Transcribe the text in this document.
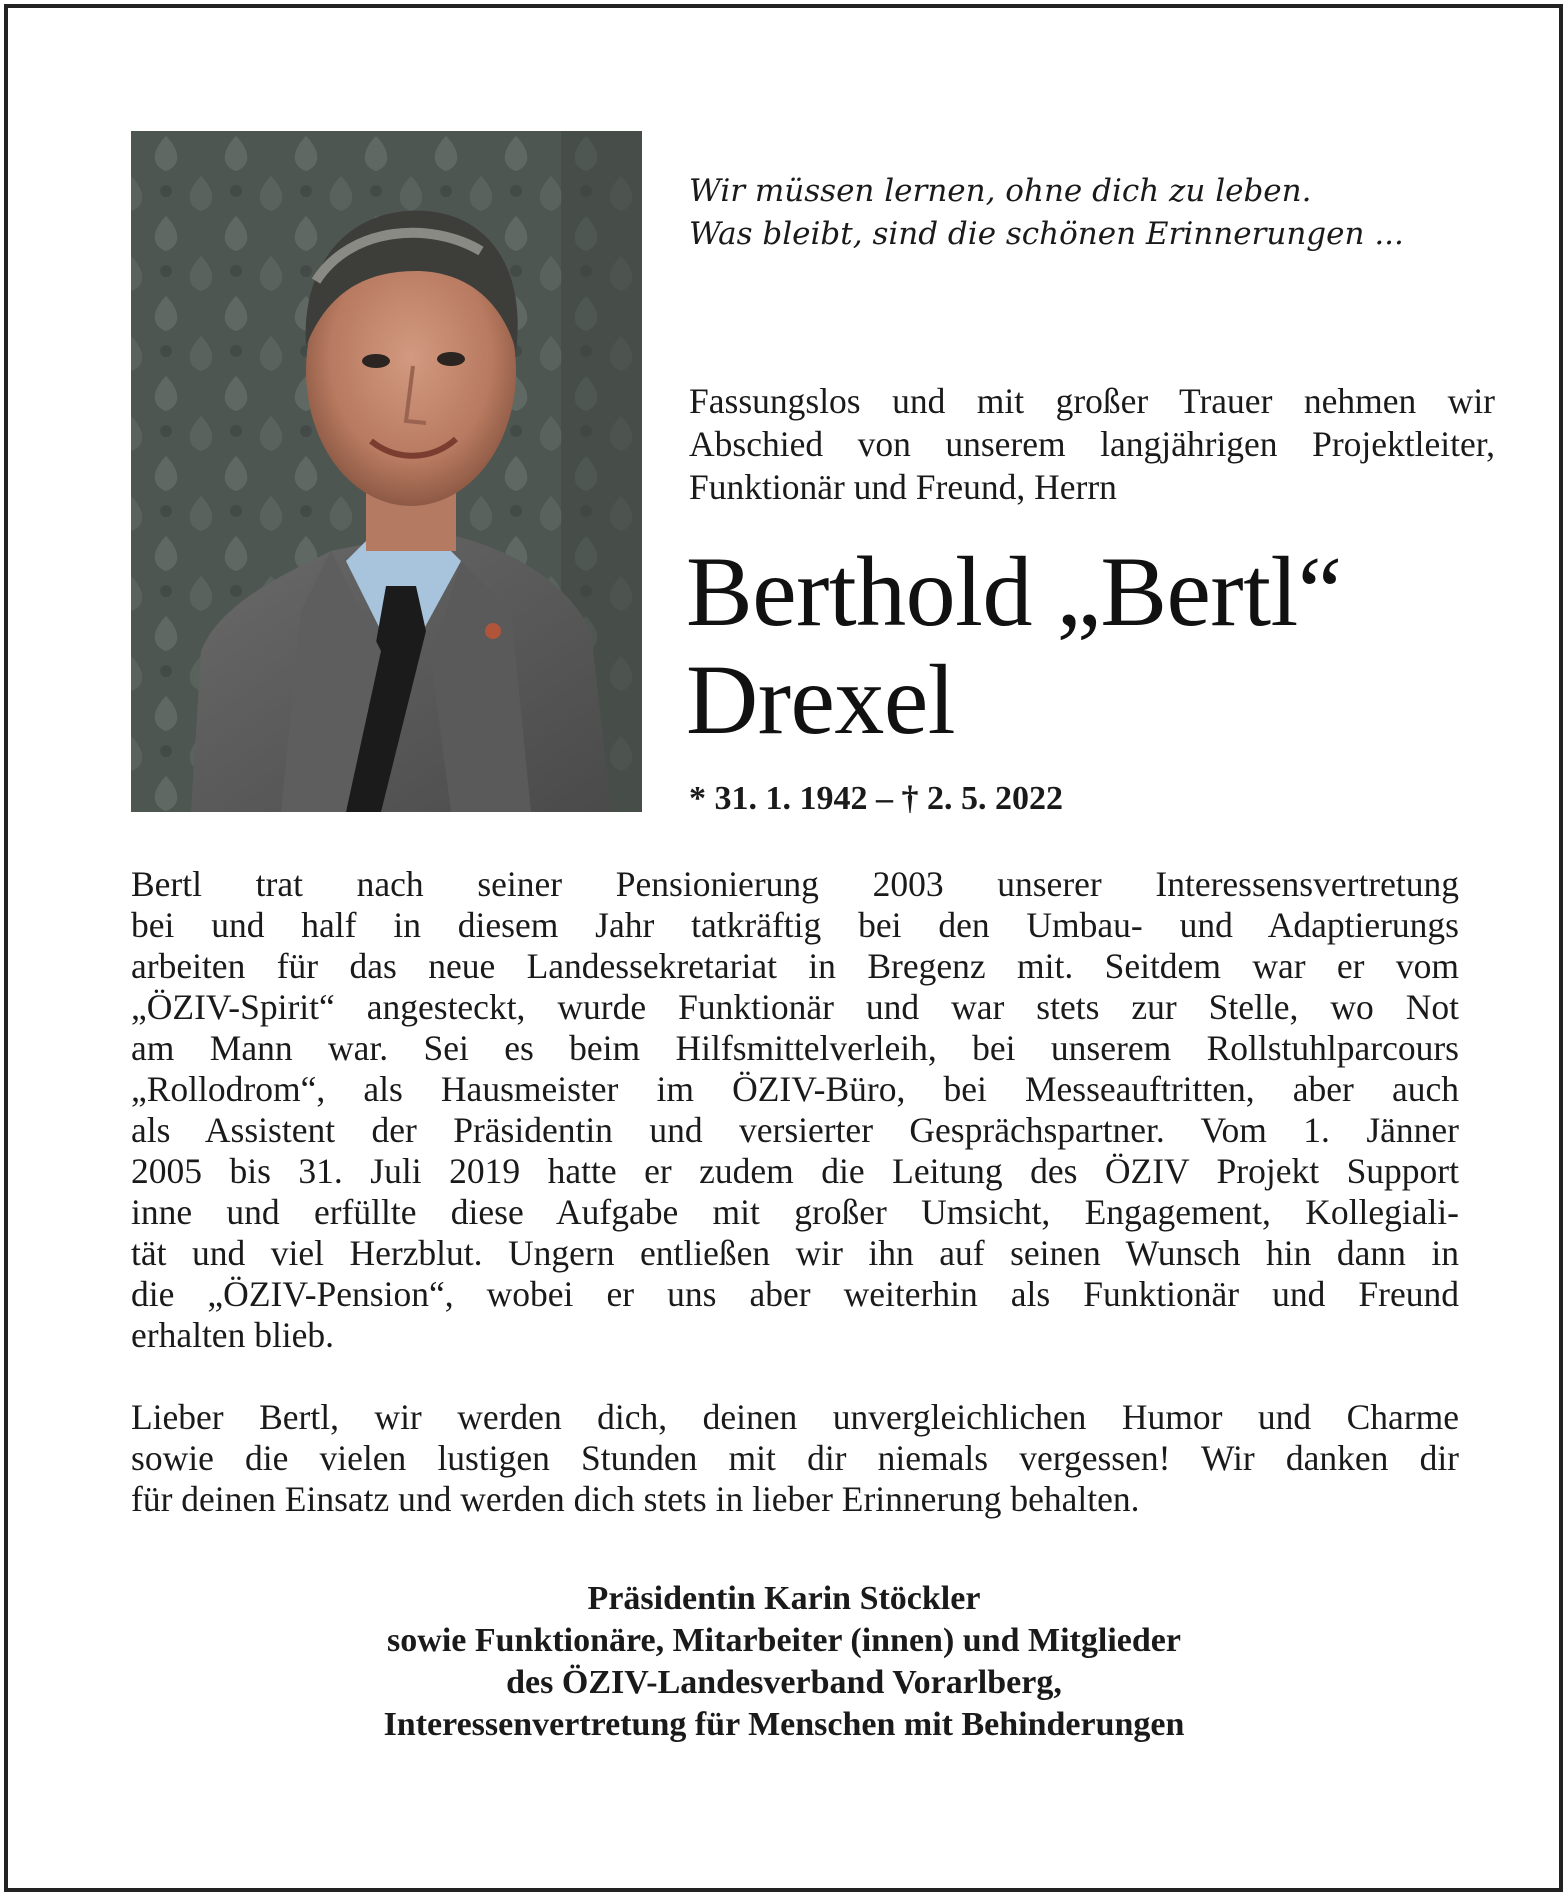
Wir müssen lernen, ohne dich zu leben.
Was bleibt, sind die schönen Erinnerungen ...
Fassungslos und mit großer Trauer nehmen wir Abschied von unserem langjährigen Projektleiter, Funktionär und Freund, Herrn
Berthold „Bertl“
Drexel
* 31. 1. 1942 – † 2. 5. 2022

Bertl trat nach seiner Pensionierung 2003 unserer Interessensvertretung
bei und half in diesem Jahr tatkräftig bei den Umbau- und Adaptierungs
arbeiten für das neue Landessekretariat in Bregenz mit. Seitdem war er vom
„ÖZIV-Spirit“ angesteckt, wurde Funktionär und war stets zur Stelle, wo Not
am Mann war. Sei es beim Hilfsmittelverleih, bei unserem Rollstuhlparcours
„Rollodrom“, als Hausmeister im ÖZIV-Büro, bei Messeauftritten, aber auch
als Assistent der Präsidentin und versierter Gesprächspartner. Vom 1. Jänner
2005 bis 31. Juli 2019 hatte er zudem die Leitung des ÖZIV Projekt Support
inne und erfüllte diese Aufgabe mit großer Umsicht, Engagement, Kollegiali-
tät und viel Herzblut. Ungern entließen wir ihn auf seinen Wunsch hin dann in
die „ÖZIV-Pension“, wobei er uns aber weiterhin als Funktionär und Freund
erhalten blieb.

Lieber Bertl, wir werden dich, deinen unvergleichlichen Humor und Charme
sowie die vielen lustigen Stunden mit dir niemals vergessen! Wir danken dir
für deinen Einsatz und werden dich stets in lieber Erinnerung behalten.

Präsidentin Karin Stöckler
sowie Funktionäre, Mitarbeiter (innen) und Mitglieder
des ÖZIV-Landesverband Vorarlberg,
Interessenvertretung für Menschen mit Behinderungen
